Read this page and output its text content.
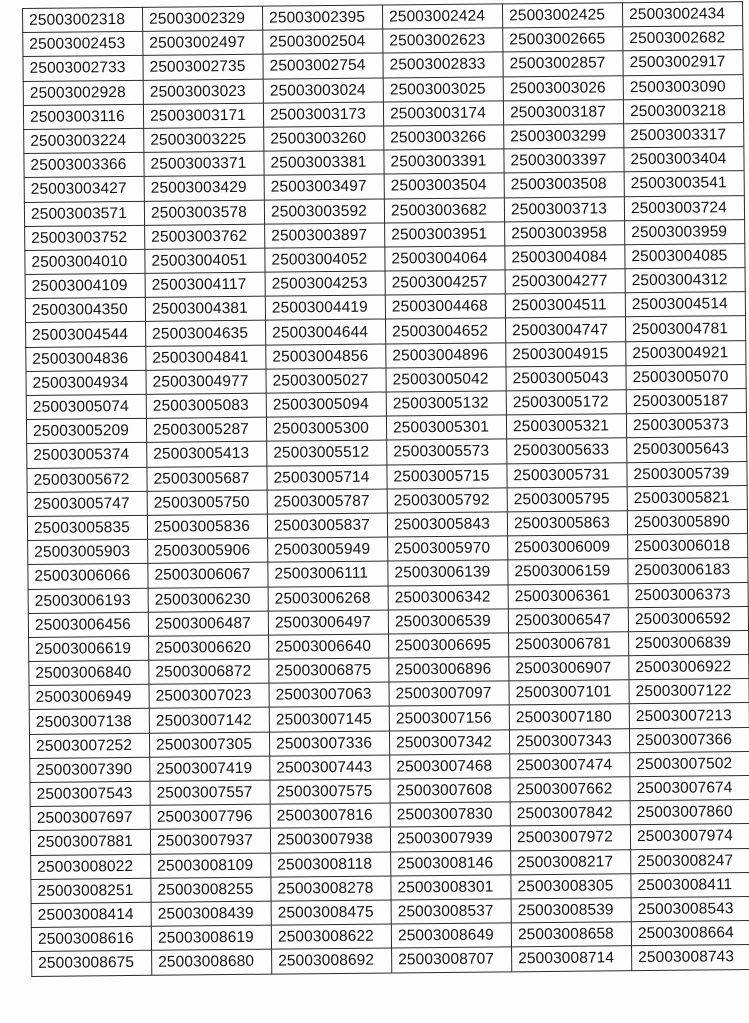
25003002318	25003002329	25003002395	25003002424	25003002425	25003002434
25003002453	25003002497	25003002504	25003002623	25003002665	25003002682
25003002733	25003002735	25003002754	25003002833	25003002857	25003002917
25003002928	25003003023	25003003024	25003003025	25003003026	25003003090
25003003116	25003003171	25003003173	25003003174	25003003187	25003003218
25003003224	25003003225	25003003260	25003003266	25003003299	25003003317
25003003366	25003003371	25003003381	25003003391	25003003397	25003003404
25003003427	25003003429	25003003497	25003003504	25003003508	25003003541
25003003571	25003003578	25003003592	25003003682	25003003713	25003003724
25003003752	25003003762	25003003897	25003003951	25003003958	25003003959
25003004010	25003004051	25003004052	25003004064	25003004084	25003004085
25003004109	25003004117	25003004253	25003004257	25003004277	25003004312
25003004350	25003004381	25003004419	25003004468	25003004511	25003004514
25003004544	25003004635	25003004644	25003004652	25003004747	25003004781
25003004836	25003004841	25003004856	25003004896	25003004915	25003004921
25003004934	25003004977	25003005027	25003005042	25003005043	25003005070
25003005074	25003005083	25003005094	25003005132	25003005172	25003005187
25003005209	25003005287	25003005300	25003005301	25003005321	25003005373
25003005374	25003005413	25003005512	25003005573	25003005633	25003005643
25003005672	25003005687	25003005714	25003005715	25003005731	25003005739
25003005747	25003005750	25003005787	25003005792	25003005795	25003005821
25003005835	25003005836	25003005837	25003005843	25003005863	25003005890
25003005903	25003005906	25003005949	25003005970	25003006009	25003006018
25003006066	25003006067	25003006111	25003006139	25003006159	25003006183
25003006193	25003006230	25003006268	25003006342	25003006361	25003006373
25003006456	25003006487	25003006497	25003006539	25003006547	25003006592
25003006619	25003006620	25003006640	25003006695	25003006781	25003006839
25003006840	25003006872	25003006875	25003006896	25003006907	25003006922
25003006949	25003007023	25003007063	25003007097	25003007101	25003007122
25003007138	25003007142	25003007145	25003007156	25003007180	25003007213
25003007252	25003007305	25003007336	25003007342	25003007343	25003007366
25003007390	25003007419	25003007443	25003007468	25003007474	25003007502
25003007543	25003007557	25003007575	25003007608	25003007662	25003007674
25003007697	25003007796	25003007816	25003007830	25003007842	25003007860
25003007881	25003007937	25003007938	25003007939	25003007972	25003007974
25003008022	25003008109	25003008118	25003008146	25003008217	25003008247
25003008251	25003008255	25003008278	25003008301	25003008305	25003008411
25003008414	25003008439	25003008475	25003008537	25003008539	25003008543
25003008616	25003008619	25003008622	25003008649	25003008658	25003008664
25003008675	25003008680	25003008692	25003008707	25003008714	25003008743
